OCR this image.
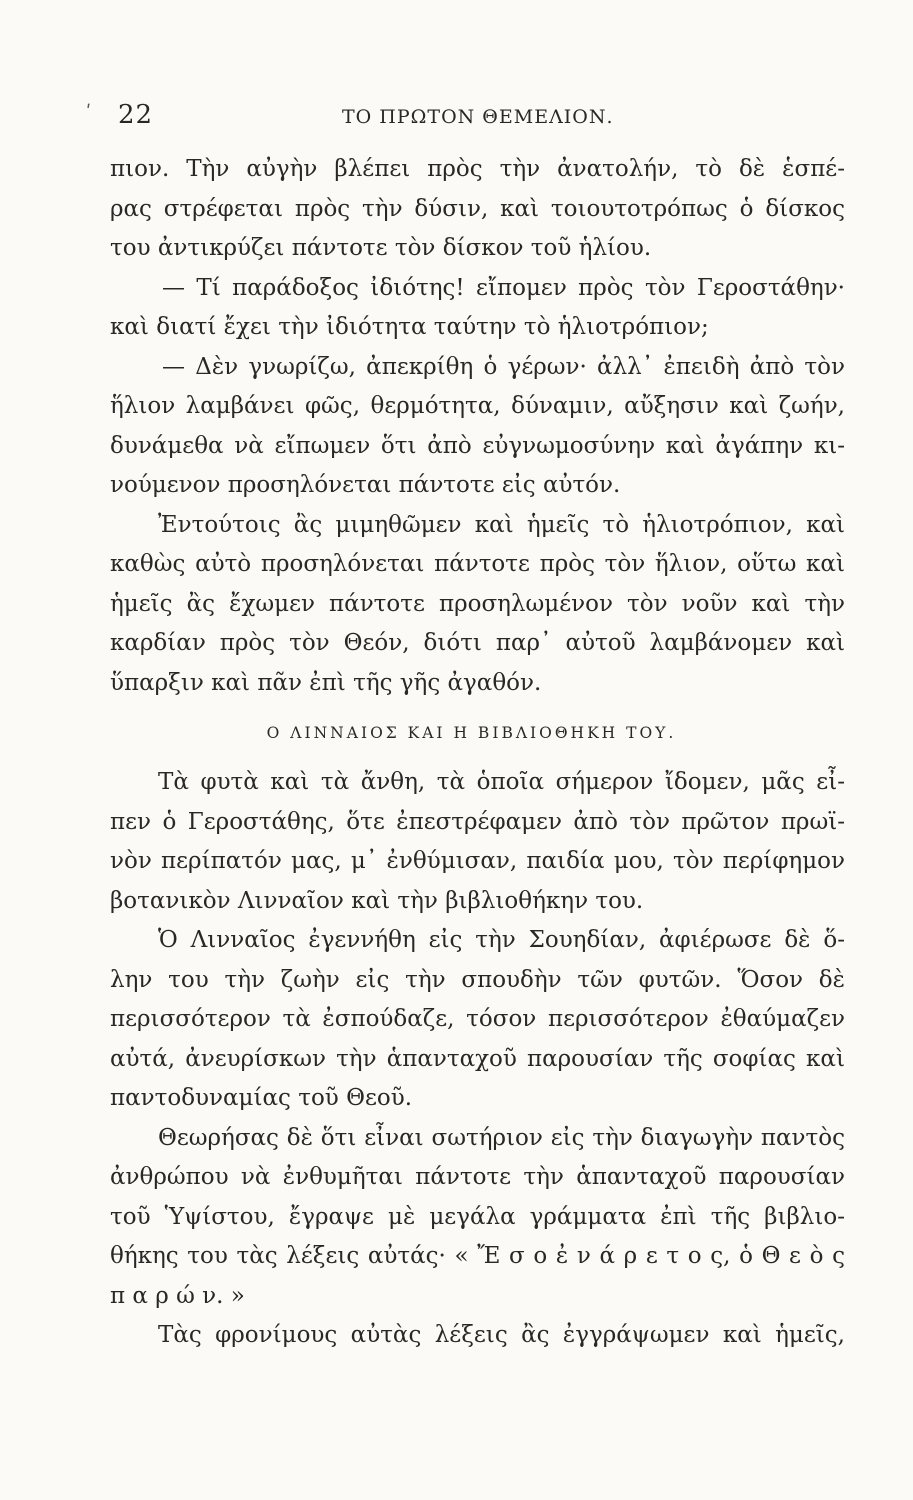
ʹ 22	ΤΟ ΠΡΩΤΟΝ ΘΕΜΕΛΙΟΝ.
πιον. Τὴν αὐγὴν βλέπει πρὸς τὴν ἀνατολήν, τὸ δὲ ἑσπέ-
ρας στρέφεται πρὸς τὴν δύσιν, καὶ τοιουτοτρόπως ὁ δίσκος
του ἀντικρύζει πάντοτε τὸν δίσκον τοῦ ἡλίου.
— Τί παράδοξος ἰδιότης! εἴπομεν πρὸς τὸν Γεροστάθην·
καὶ διατί ἔχει τὴν ἰδιότητα ταύτην τὸ ἡλιοτρόπιον;
— Δὲν γνωρίζω, ἀπεκρίθη ὁ γέρων· ἀλλ᾽ ἐπειδὴ ἀπὸ τὸν
ἥλιον λαμβάνει φῶς, θερμότητα, δύναμιν, αὔξησιν καὶ ζωήν,
δυνάμεθα νὰ εἴπωμεν ὅτι ἀπὸ εὐγνωμοσύνην καὶ ἀγάπην κι-
νούμενον προσηλόνεται πάντοτε εἰς αὐτόν.
Ἐντούτοις ἂς μιμηθῶμεν καὶ ἡμεῖς τὸ ἡλιοτρόπιον, καὶ
καθὼς αὐτὸ προσηλόνεται πάντοτε πρὸς τὸν ἥλιον, οὕτω καὶ
ἡμεῖς ἂς ἔχωμεν πάντοτε προσηλωμένον τὸν νοῦν καὶ τὴν
καρδίαν πρὸς τὸν Θεόν, διότι παρ᾽ αὐτοῦ λαμβάνομεν καὶ
ὕπαρξιν καὶ πᾶν ἐπὶ τῆς γῆς ἀγαθόν.
Ο ΛΙΝΝΑΙΟΣ ΚΑΙ Η ΒΙΒΛΙΟΘΗΚΗ ΤΟΥ.
Τὰ φυτὰ καὶ τὰ ἄνθη, τὰ ὁποῖα σήμερον ἴδομεν, μᾶς εἶ-
πεν ὁ Γεροστάθης, ὅτε ἐπεστρέφαμεν ἀπὸ τὸν πρῶτον πρωϊ-
νὸν περίπατόν μας, μ᾽ ἐνθύμισαν, παιδία μου, τὸν περίφημον
βοτανικὸν Λινναῖον καὶ τὴν βιβλιοθήκην του.
Ὁ Λινναῖος ἐγεννήθη εἰς τὴν Σουηδίαν, ἀφιέρωσε δὲ ὅ-
λην του τὴν ζωὴν εἰς τὴν σπουδὴν τῶν φυτῶν. Ὅσον δὲ
περισσότερον τὰ ἐσπούδαζε, τόσον περισσότερον ἐθαύμαζεν
αὐτά, ἀνευρίσκων τὴν ἁπανταχοῦ παρουσίαν τῆς σοφίας καὶ
παντοδυναμίας τοῦ Θεοῦ.
Θεωρήσας δὲ ὅτι εἶναι σωτήριον εἰς τὴν διαγωγὴν παντὸς
ἀνθρώπου νὰ ἐνθυμῆται πάντοτε τὴν ἁπανταχοῦ παρουσίαν
τοῦ Ὑψίστου, ἔγραψε μὲ μεγάλα γράμματα ἐπὶ τῆς βιβλιο-
θήκης του τὰς λέξεις αὐτάς· « Ἔ σ ο ἐ ν ά ρ ε τ ο ς, ὁ Θ ε ὸ ς
π α ρ ώ ν. »
Τὰς φρονίμους αὐτὰς λέξεις ἂς ἐγγράψωμεν καὶ ἡμεῖς,
